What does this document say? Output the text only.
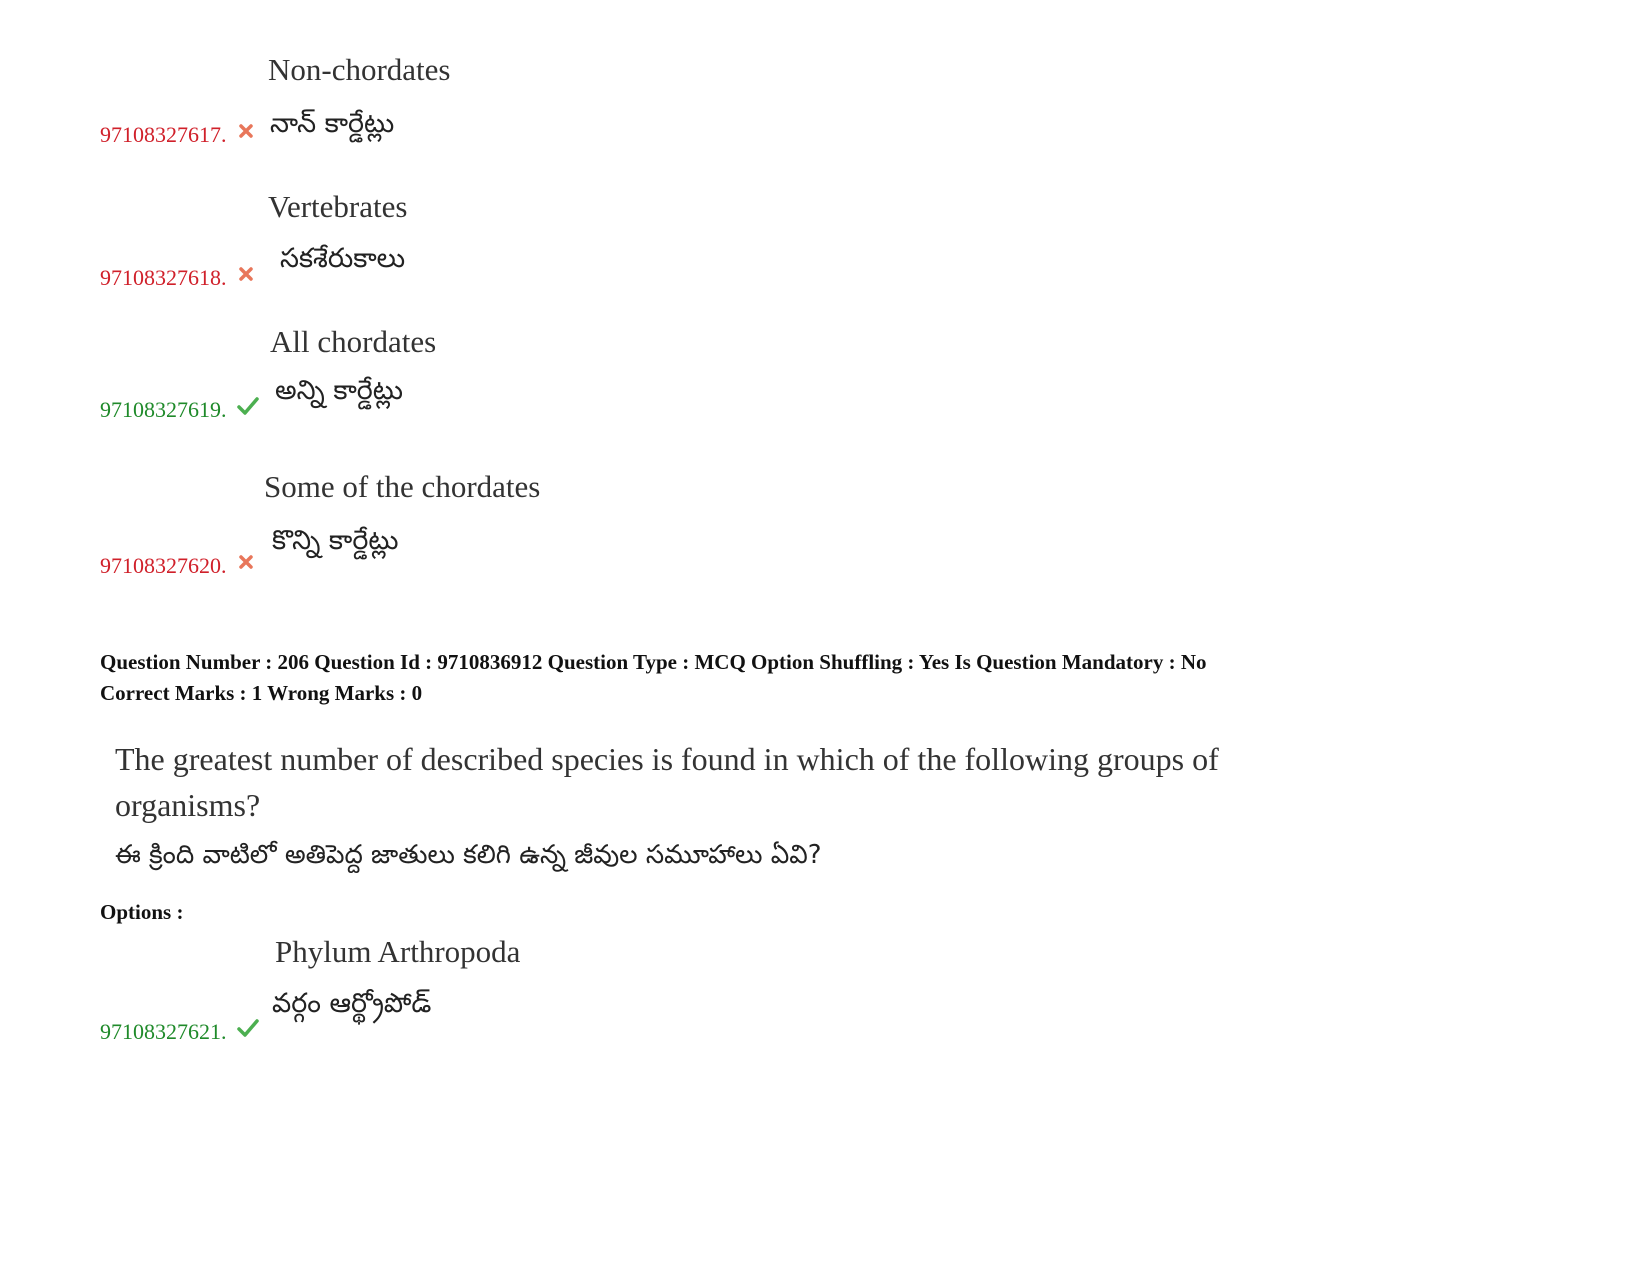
Non-chordates
నాన్ కార్డేట్లు
97108327617.
Vertebrates
సకశేరుకాలు
97108327618.
All chordates
అన్ని కార్డేట్లు
97108327619.
Some of the chordates
కొన్ని కార్డేట్లు
97108327620.
Question Number : 206 Question Id : 9710836912 Question Type : MCQ Option Shuffling : Yes Is Question Mandatory : No
Correct Marks : 1 Wrong Marks : 0
The greatest number of described species is found in which of the following groups of organisms?
ఈ క్రింది వాటిలో అతిపెద్ద జాతులు కలిగి ఉన్న జీవుల సమూహాలు ఏవి?
Options :
Phylum Arthropoda
వర్గం ఆర్థ్రోపోడ్
97108327621.
